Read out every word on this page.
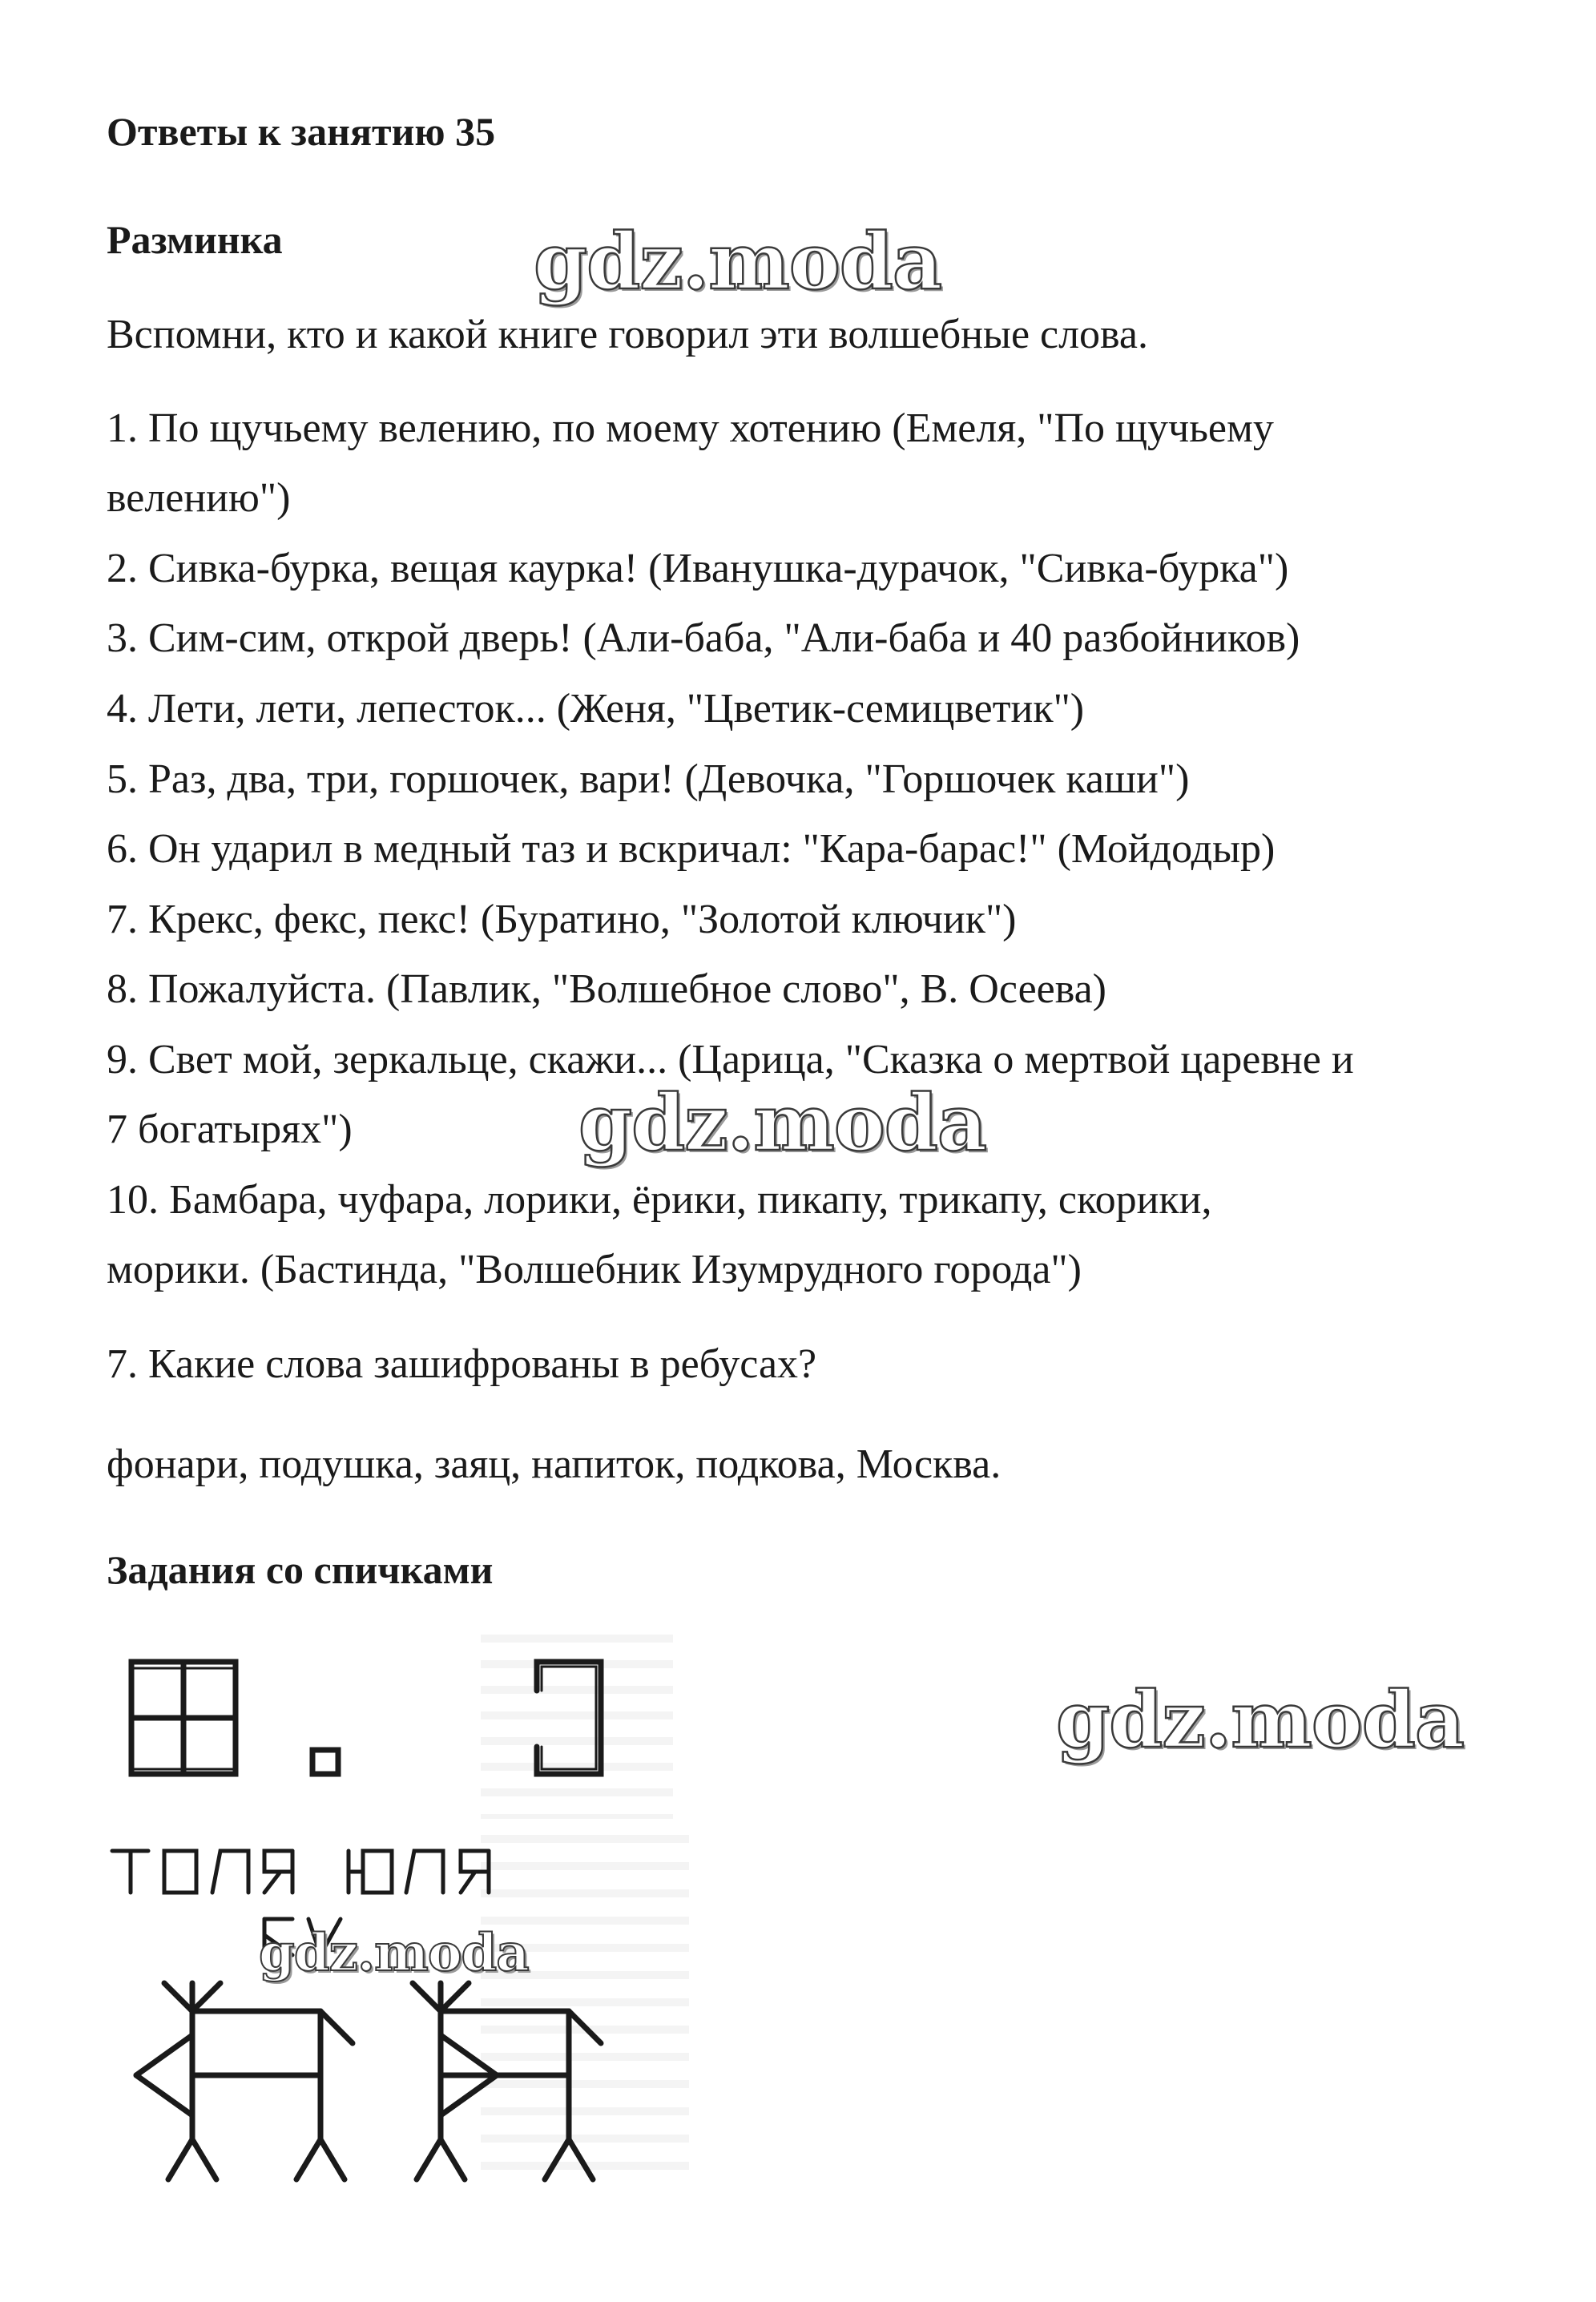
Ответы к занятию 35
Разминка
Вспомни, кто и какой книге говорил эти волшебные слова.
1. По щучьему велению, по моему хотению (Емеля, "По щучьему
велению")
2. Сивка-бурка, вещая каурка! (Иванушка-дурачок, "Сивка-бурка")
3. Сим-сим, открой дверь! (Али-баба, "Али-баба и 40 разбойников)
4. Лети, лети, лепесток... (Женя, "Цветик-семицветик")
5. Раз, два, три, горшочек, вари! (Девочка, "Горшочек каши")
6. Он ударил в медный таз и вскричал: "Кара-барас!" (Мойдодыр)
7. Крекс, фекс, пекс! (Буратино, "Золотой ключик")
8. Пожалуйста. (Павлик, "Волшебное слово", В. Осеева)
9. Свет мой, зеркальце, скажи... (Царица, "Сказка о мертвой царевне и
7 богатырях")
10. Бамбара, чуфара, лорики, ёрики, пикапу, трикапу, скорики,
морики. (Бастинда, "Волшебник Изумрудного города")
7. Какие слова зашифрованы в ребусах?
фонари, подушка, заяц, напиток, подкова, Москва.
Задания со спичками
gdz.moda
gdz.moda
gdz.moda
gdz.moda
